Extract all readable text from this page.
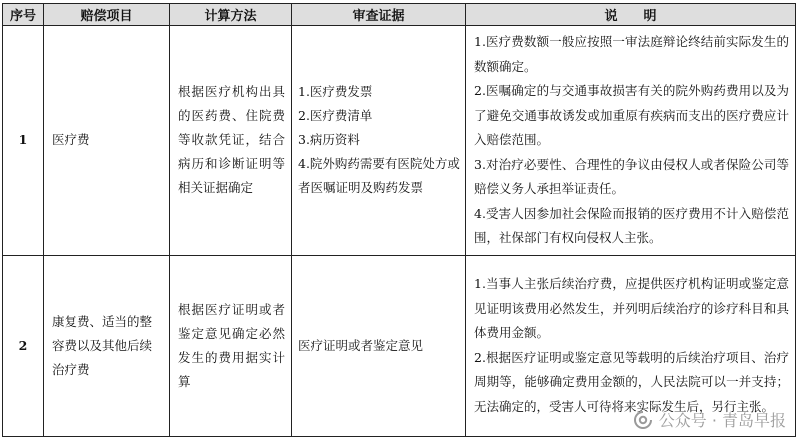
序号	赔偿项目	计算方法	审查证据	说　　明
1	医疗费	根据医疗机构出具的医药费、住院费等收款凭证，结合病历和诊断证明等相关证据确定	1.医疗费发票
2.医疗费清单
3.病历资料
4.院外购药需要有医院处方或者医嘱证明及购药发票	1.医疗费数额一般应按照一审法庭辩论终结前实际发生的数额确定。
2.医嘱确定的与交通事故损害有关的院外购药费用以及为了避免交通事故诱发或加重原有疾病而支出的医疗费应计入赔偿范围。
3.对治疗必要性、合理性的争议由侵权人或者保险公司等赔偿义务人承担举证责任。
4.受害人因参加社会保险而报销的医疗费用不计入赔偿范围，社保部门有权向侵权人主张。

2	康复费、适当的整容费以及其他后续治疗费	根据医疗证明或者鉴定意见确定必然发生的费用据实计算	医疗证明或者鉴定意见	1.当事人主张后续治疗费，应提供医疗机构证明或鉴定意见证明该费用必然发生，并列明后续治疗的诊疗科目和具体费用金额。
2.根据医疗证明或鉴定意见等载明的后续治疗项目、治疗周期等，能够确定费用金额的，人民法院可以一并支持；无法确定的，受害人可待将来实际发生后，另行主张。
公众号 · 青岛早报
